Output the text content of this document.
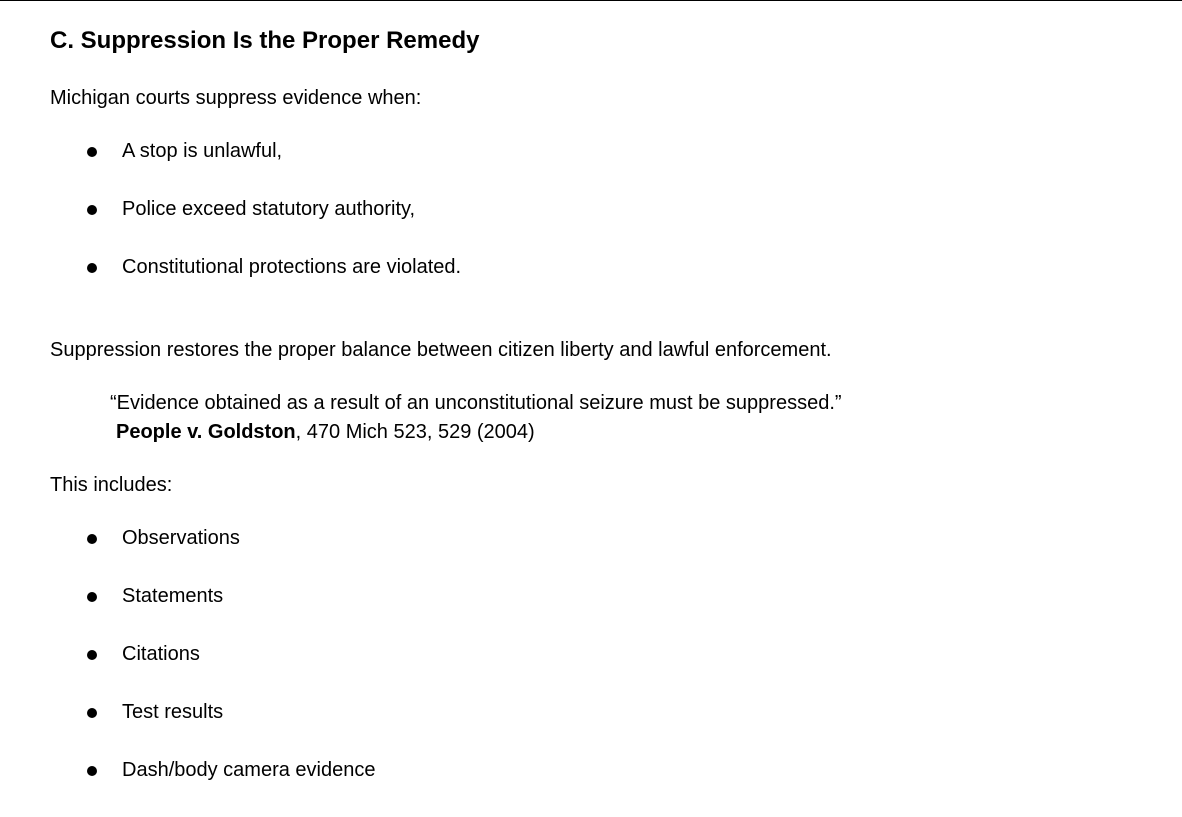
C. Suppression Is the Proper Remedy

Michigan courts suppress evidence when:

A stop is unlawful,
Police exceed statutory authority,
Constitutional protections are violated.

Suppression restores the proper balance between citizen liberty and lawful enforcement.

“Evidence obtained as a result of an unconstitutional seizure must be suppressed.”
People v. Goldston, 470 Mich 523, 529 (2004)

This includes:

Observations
Statements
Citations
Test results
Dash/body camera evidence
